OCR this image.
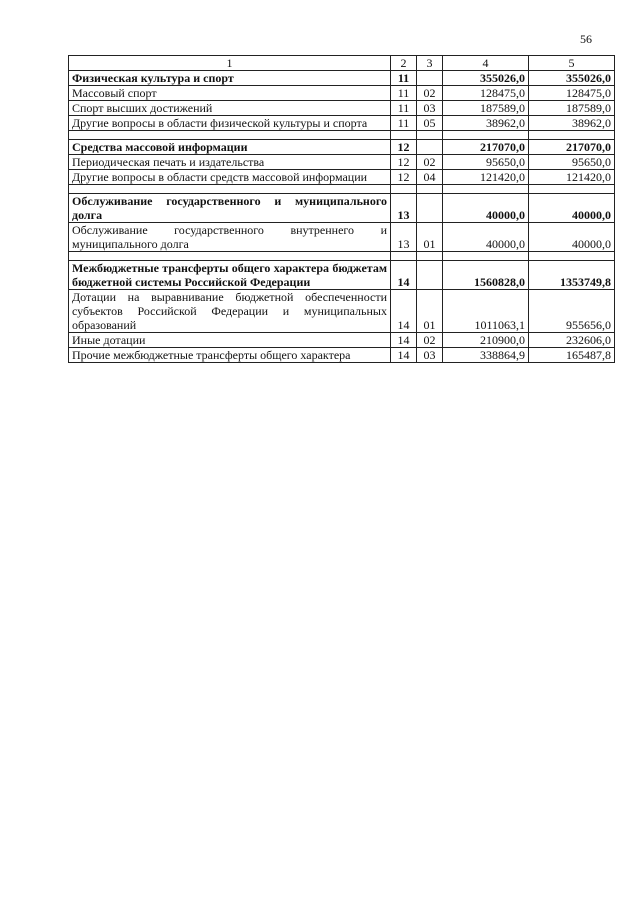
56
1	2	3	4	5
Физическая культура и спорт	11		355026,0	355026,0
Массовый спорт	11	02	128475,0	128475,0
Спорт высших достижений	11	03	187589,0	187589,0
Другие вопросы в области физической культуры и спорта	11	05	38962,0	38962,0

Средства массовой информации	12		217070,0	217070,0
Периодическая печать и издательства	12	02	95650,0	95650,0
Другие вопросы в области средств массовой информации	12	04	121420,0	121420,0

Обслуживание государственного и муниципального долга	13		40000,0	40000,0
Обслуживание государственного внутреннего и муниципального долга	13	01	40000,0	40000,0

Межбюджетные трансферты общего характера бюджетам бюджетной системы Российской Федерации	14		1560828,0	1353749,8
Дотации на выравнивание бюджетной обеспеченности субъектов Российской Федерации и муниципальных образований	14	01	1011063,1	955656,0
Иные дотации	14	02	210900,0	232606,0
Прочие межбюджетные трансферты общего характера	14	03	338864,9	165487,8
